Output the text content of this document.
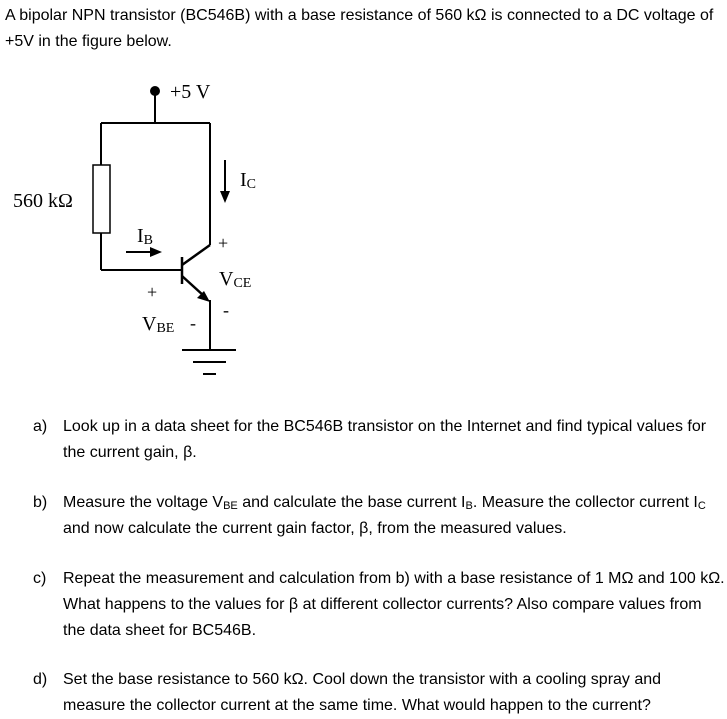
A bipolar NPN transistor (BC546B) with a base resistance of 560 kΩ is connected to a DC voltage of +5V in the figure below.
+5 V
560 kΩ
IC
IB	+
VCE
-
+
VBE -
a) Look up in a data sheet for the BC546B transistor on the Internet and find typical values for the current gain, β.
b) Measure the voltage $V_{BE}$ and calculate the base current $I_B$. Measure the collector current $I_C$ and now calculate the current gain factor, β, from the measured values.
c) Repeat the measurement and calculation from b) with a base resistance of 1 MΩ and 100 kΩ. What happens to the values for β at different collector currents? Also compare values from the data sheet for BC546B.
d) Set the base resistance to 560 kΩ. Cool down the transistor with a cooling spray and measure the collector current at the same time. What would happen to the current?
